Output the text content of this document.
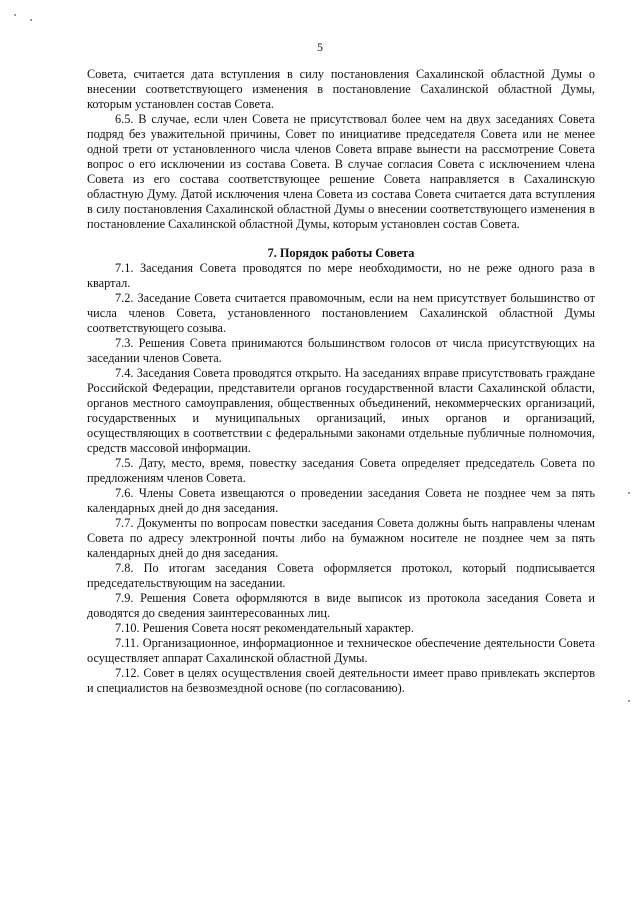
5

Совета, считается дата вступления в силу постановления Сахалинской областной Думы о внесении соответствующего изменения в постановление Сахалинской областной Думы, которым установлен состав Совета.

6.5. В случае, если член Совета не присутствовал более чем на двух заседаниях Совета подряд без уважительной причины, Совет по инициативе председателя Совета или не менее одной трети от установленного числа членов Совета вправе вынести на рассмотрение Совета вопрос о его исключении из состава Совета. В случае согласия Совета с исключением члена Совета из его состава соответствующее решение Совета направляется в Сахалинскую областную Думу. Датой исключения члена Совета из состава Совета считается дата вступления в силу постановления Сахалинской областной Думы о внесении соответствующего изменения в постановление Сахалинской областной Думы, которым установлен состав Совета.

7. Порядок работы Совета

7.1. Заседания Совета проводятся по мере необходимости, но не реже одного раза в квартал.

7.2. Заседание Совета считается правомочным, если на нем присутствует большинство от числа членов Совета, установленного постановлением Сахалинской областной Думы соответствующего созыва.

7.3. Решения Совета принимаются большинством голосов от числа присутствующих на заседании членов Совета.

7.4. Заседания Совета проводятся открыто. На заседаниях вправе присутствовать граждане Российской Федерации, представители органов государственной власти Сахалинской области, органов местного самоуправления, общественных объединений, некоммерческих организаций, государственных и муниципальных организаций, иных органов и организаций, осуществляющих в соответствии с федеральными законами отдельные публичные полномочия, средств массовой информации.

7.5. Дату, место, время, повестку заседания Совета определяет председатель Совета по предложениям членов Совета.

7.6. Члены Совета извещаются о проведении заседания Совета не позднее чем за пять календарных дней до дня заседания.

7.7. Документы по вопросам повестки заседания Совета должны быть направлены членам Совета по адресу электронной почты либо на бумажном носителе не позднее чем за пять календарных дней до дня заседания.

7.8. По итогам заседания Совета оформляется протокол, который подписывается председательствующим на заседании.

7.9. Решения Совета оформляются в виде выписок из протокола заседания Совета и доводятся до сведения заинтересованных лиц.

7.10. Решения Совета носят рекомендательный характер.

7.11. Организационное, информационное и техническое обеспечение деятельности Совета осуществляет аппарат Сахалинской областной Думы.

7.12. Совет в целях осуществления своей деятельности имеет право привлекать экспертов и специалистов на безвозмездной основе (по согласованию).
